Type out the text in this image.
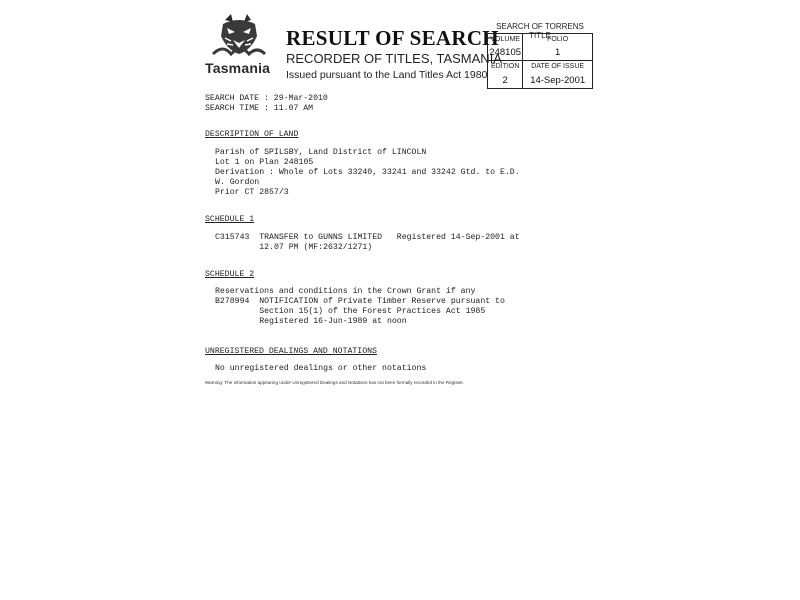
Tasmania
RESULT OF SEARCH
RECORDER OF TITLES, TASMANIA
Issued pursuant to the Land Titles Act 1980
SEARCH OF TORRENS TITLE
VOLUME
248105
FOLIO
1
EDITION
2
DATE OF ISSUE
14-Sep-2001
SEARCH DATE : 29-Mar-2010
SEARCH TIME : 11.07 AM
DESCRIPTION OF LAND
Parish of SPILSBY, Land District of LINCOLN
Lot 1 on Plan 248105
Derivation : Whole of Lots 33240, 33241 and 33242 Gtd. to E.D.
W. Gordon
Prior CT 2857/3
SCHEDULE 1
C315743  TRANSFER to GUNNS LIMITED   Registered 14-Sep-2001 at
12.07 PM (MF:2632/1271)
SCHEDULE 2
Reservations and conditions in the Crown Grant if any
B278994  NOTIFICATION of Private Timber Reserve pursuant to
Section 15(1) of the Forest Practices Act 1985
Registered 16-Jun-1989 at noon
UNREGISTERED DEALINGS AND NOTATIONS
No unregistered dealings or other notations
Warning: The information appearing under Unregistered Dealings and Notations has not been formally recorded in the Register.
